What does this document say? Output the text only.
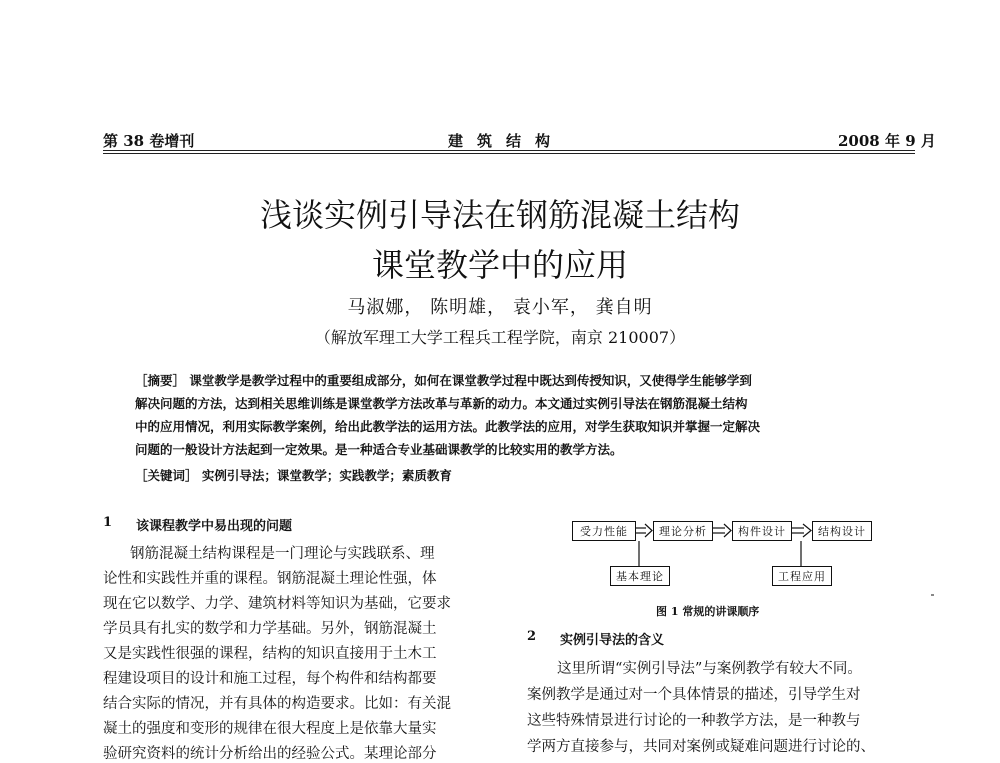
第 38 卷增刊	建筑结构	2008 年 9 月
浅谈实例引导法在钢筋混凝土结构
课堂教学中的应用
马淑娜， 陈明雄， 袁小军， 龚自明
（解放军理工大学工程兵工程学院，南京 210007）
［摘要］ 课堂教学是教学过程中的重要组成部分，如何在课堂教学过程中既达到传授知识，又使得学生能够学到
解决问题的方法，达到相关思维训练是课堂教学方法改革与革新的动力。本文通过实例引导法在钢筋混凝土结构
中的应用情况，利用实际教学案例，给出此教学法的运用方法。此教学法的应用，对学生获取知识并掌握一定解决
问题的一般设计方法起到一定效果。是一种适合专业基础课教学的比较实用的教学方法。
［关键词］ 实例引导法；课堂教学；实践教学；素质教育
1 该课程教学中易出现的问题
钢筋混凝土结构课程是一门理论与实践联系、理
论性和实践性并重的课程。钢筋混凝土理论性强，体
现在它以数学、力学、建筑材料等知识为基础，它要求
学员具有扎实的数学和力学基础。另外，钢筋混凝土
又是实践性很强的课程，结构的知识直接用于土木工
程建设项目的设计和施工过程，每个构件和结构都要
结合实际的情况，并有具体的构造要求。比如：有关混
凝土的强度和变形的规律在很大程度上是依靠大量实
验研究资料的统计分析给出的经验公式。某理论部分
受力性能	理论分析	构件设计	结构设计
基本理论	工程应用
图 1 常规的讲课顺序
2 实例引导法的含义
这里所谓“实例引导法”与案例教学有较大不同。
案例教学是通过对一个具体情景的描述，引导学生对
这些特殊情景进行讨论的一种教学方法，是一种教与
学两方直接参与，共同对案例或疑难问题进行讨论的、
